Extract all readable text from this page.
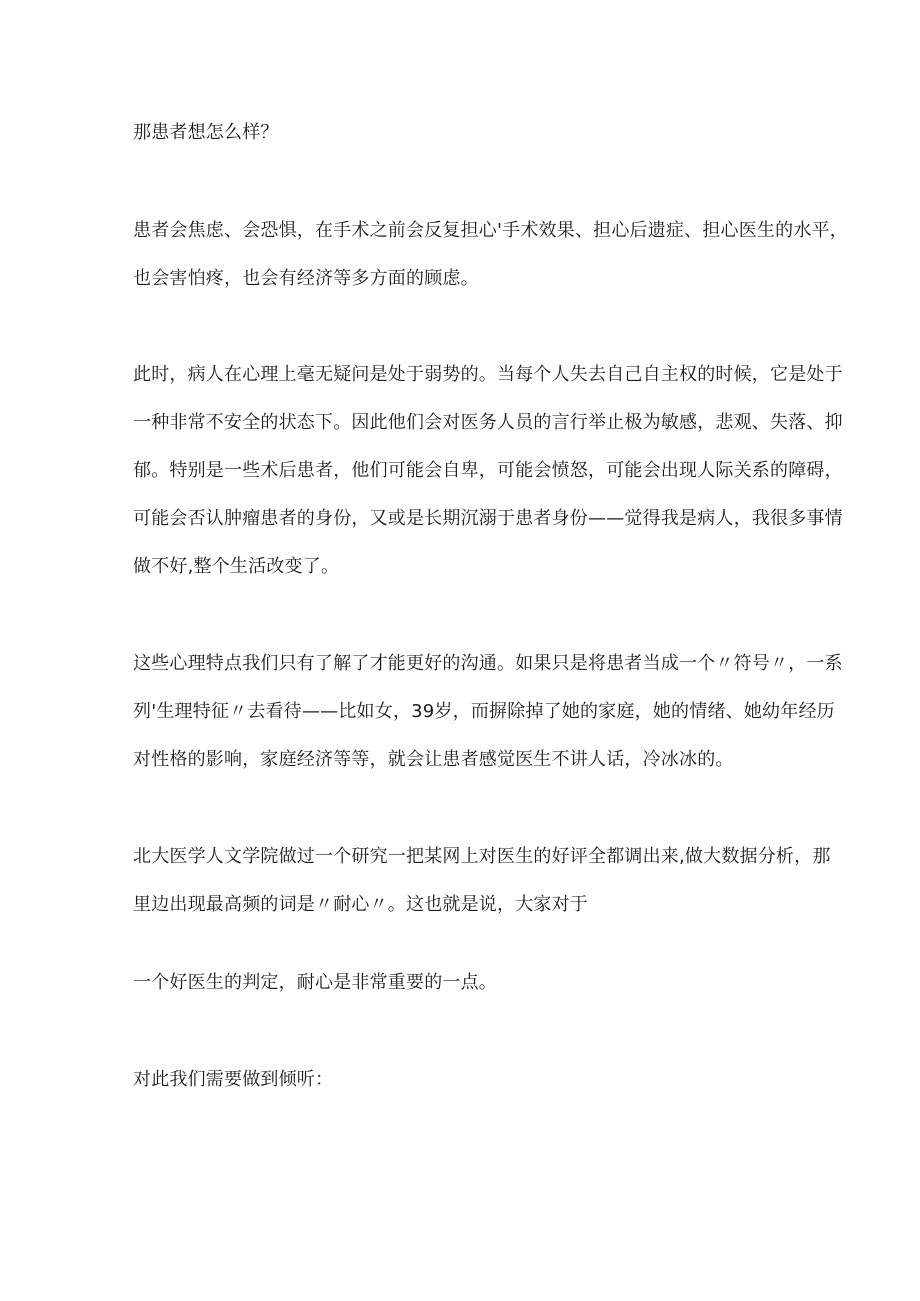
那患者想怎么样？
患者会焦虑、会恐惧，在手术之前会反复担心'手术效果、担心后遗症、担心医生的水平，
也会害怕疼，也会有经济等多方面的顾虑。
此时，病人在心理上毫无疑问是处于弱势的。当每个人失去自己自主权的时候，它是处于
一种非常不安全的状态下。因此他们会对医务人员的言行举止极为敏感，悲观、失落、抑
郁。特别是一些术后患者，他们可能会自卑，可能会愤怒，可能会出现人际关系的障碍，
可能会否认肿瘤患者的身份，又或是长期沉溺于患者身份——觉得我是病人，我很多事情
做不好,整个生活改变了。
这些心理特点我们只有了解了才能更好的沟通。如果只是将患者当成一个〃符号〃，一系
列'生理特征〃去看待——比如女，39岁，而摒除掉了她的家庭，她的情绪、她幼年经历
对性格的影响，家庭经济等等，就会让患者感觉医生不讲人话，冷冰冰的。
北大医学人文学院做过一个研究一把某网上对医生的好评全都调出来,做大数据分析，那
里边出现最高频的词是〃耐心〃。这也就是说，大家对于
一个好医生的判定，耐心是非常重要的一点。
对此我们需要做到倾听：
